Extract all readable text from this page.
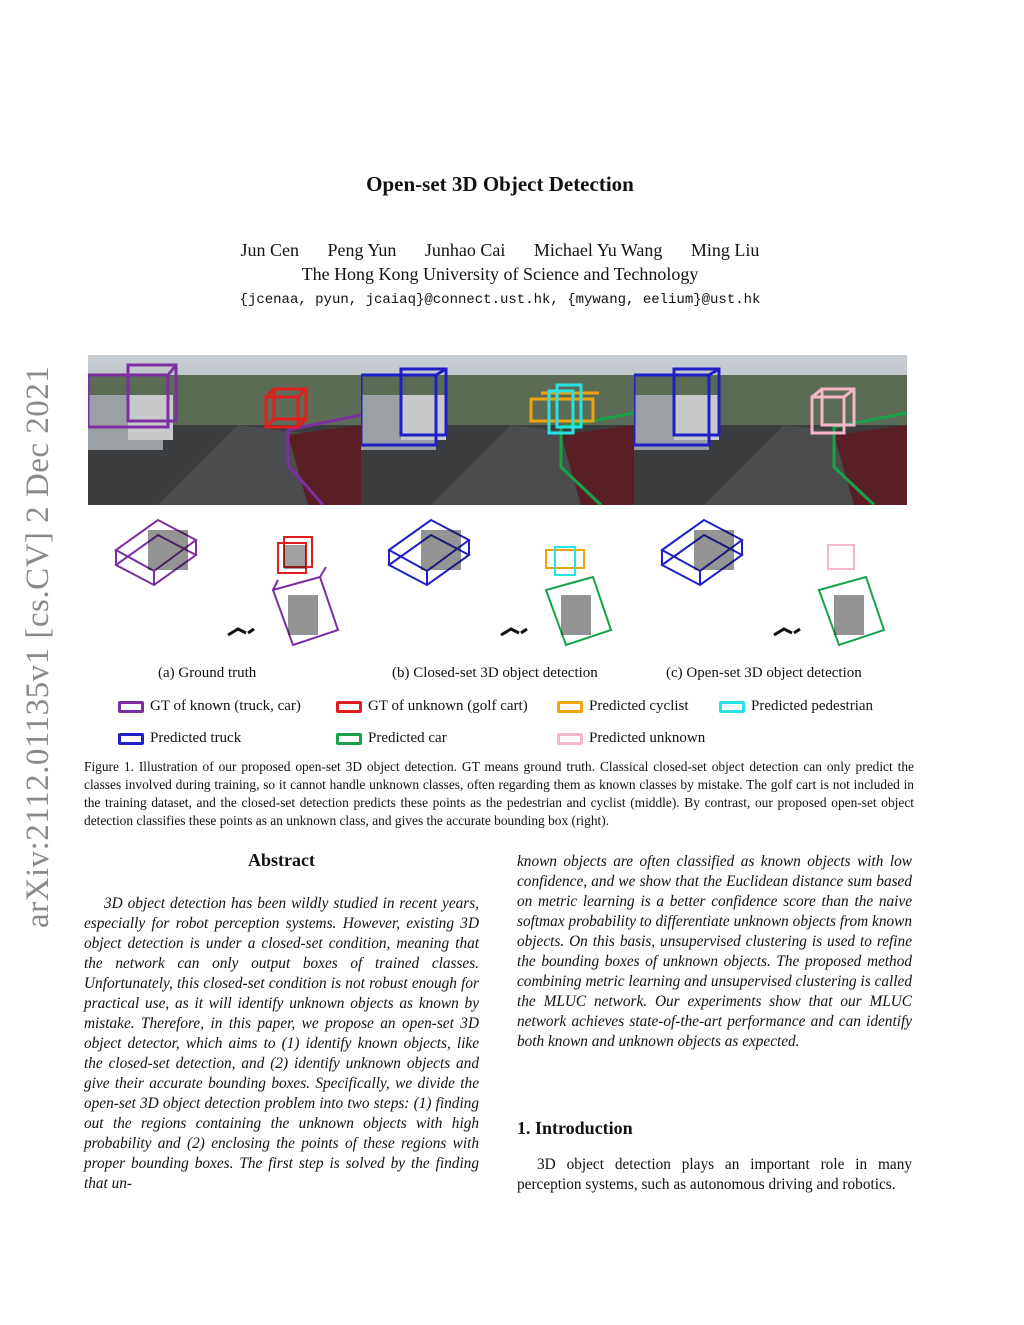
arXiv:2112.01135v1 [cs.CV] 2 Dec 2021
Open-set 3D Object Detection
Jun Cen Peng Yun Junhao Cai Michael Yu Wang Ming Liu
The Hong Kong University of Science and Technology
{jcenaa, pyun, jcaiaq}@connect.ust.hk, {mywang, eelium}@ust.hk
(a) Ground truth	(b) Closed-set 3D object detection	(c) Open-set 3D object detection
GT of known (truck, car)	GT of unknown (golf cart)	Predicted cyclist	Predicted pedestrian
Predicted truck	Predicted car	Predicted unknown
Figure 1. Illustration of our proposed open-set 3D object detection. GT means ground truth. Classical closed-set object detection can only predict the classes involved during training, so it cannot handle unknown classes, often regarding them as known classes by mistake. The golf cart is not included in the training dataset, and the closed-set detection predicts these points as the pedestrian and cyclist (middle). By contrast, our proposed open-set object detection classifies these points as an unknown class, and gives the accurate bounding box (right).
Abstract
3D object detection has been wildly studied in recent years, especially for robot perception systems. However, existing 3D object detection is under a closed-set condition, meaning that the network can only output boxes of trained classes. Unfortunately, this closed-set condition is not robust enough for practical use, as it will identify unknown objects as known by mistake. Therefore, in this paper, we propose an open-set 3D object detector, which aims to (1) identify known objects, like the closed-set detection, and (2) identify unknown objects and give their accurate bounding boxes. Specifically, we divide the open-set 3D object detection problem into two steps: (1) finding out the regions containing the unknown objects with high probability and (2) enclosing the points of these regions with proper bounding boxes. The first step is solved by the finding that un-
known objects are often classified as known objects with low confidence, and we show that the Euclidean distance sum based on metric learning is a better confidence score than the naive softmax probability to differentiate unknown objects from known objects. On this basis, unsupervised clustering is used to refine the bounding boxes of unknown objects. The proposed method combining metric learning and unsupervised clustering is called the MLUC network. Our experiments show that our MLUC network achieves state-of-the-art performance and can identify both known and unknown objects as expected.
1. Introduction
3D object detection plays an important role in many perception systems, such as autonomous driving and robotics.
